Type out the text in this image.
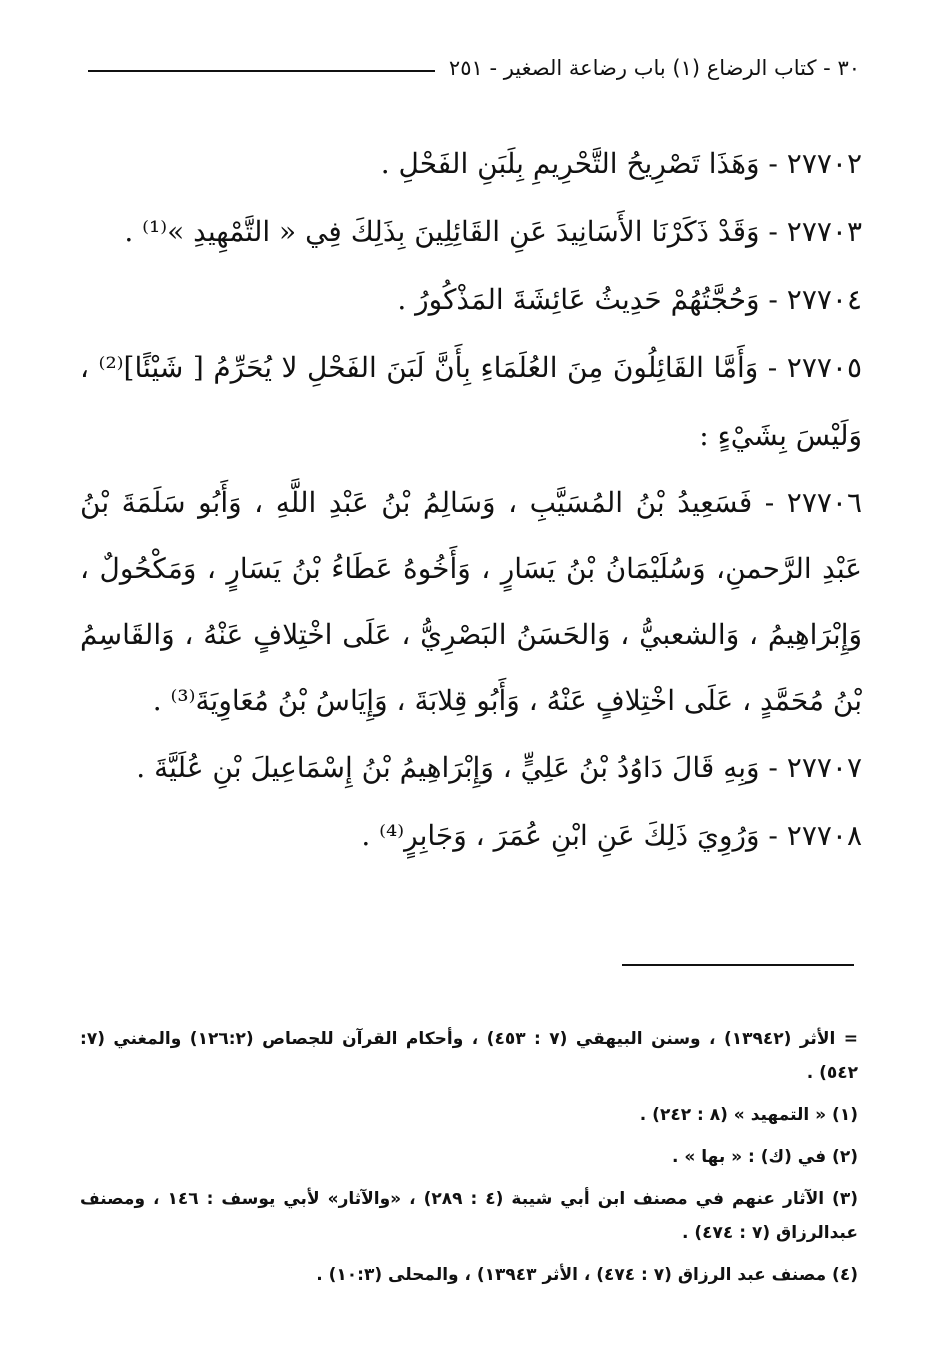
٣٠ - كتاب الرضاع (١) باب رضاعة الصغير - ٢٥١

٢٧٧٠٢ - وَهَذَا تَصْرِيحُ التَّحْرِيمِ بِلَبَنِ الفَحْلِ .

٢٧٧٠٣ - وَقَدْ ذَكَرْنَا الأَسَانِيدَ عَنِ القَائِلِينَ بِذَلِكَ فِي « التَّمْهِيدِ »⁽¹⁾ .

٢٧٧٠٤ - وَحُجَّتُهُمْ حَدِيثُ عَائِشَةَ المَذْكُورُ .

٢٧٧٠٥ - وَأَمَّا القَائِلُونَ مِنَ العُلَمَاءِ بِأَنَّ لَبَنَ الفَحْلِ لا يُحَرِّمُ [ شَيْئًا]⁽²⁾ ، وَلَيْسَ بِشَيْءٍ :

٢٧٧٠٦ - فَسَعِيدُ بْنُ المُسَيَّبِ ، وَسَالِمُ بْنُ عَبْدِ اللَّهِ ، وَأَبُو سَلَمَةَ بْنُ عَبْدِ الرَّحمنِ، وَسُلَيْمَانُ بْنُ يَسَارٍ ، وَأَخُوهُ عَطَاءُ بْنُ يَسَارٍ ، وَمَكْحُولٌ ، وَإِبْرَاهِيمُ ، وَالشعبيُّ ، وَالحَسَنُ البَصْرِيُّ ، عَلَى اخْتِلافٍ عَنْهُ ، وَالقَاسِمُ بْنُ مُحَمَّدٍ ، عَلَى اخْتِلافٍ عَنْهُ ، وَأَبُو قِلابَةَ ، وَإِيَاسُ بْنُ مُعَاوِيَةَ⁽³⁾ .

٢٧٧٠٧ - وَبِهِ قَالَ دَاوُدُ بْنُ عَلِيٍّ ، وَإِبْرَاهِيمُ بْنُ إِسْمَاعِيلَ بْنِ عُلَيَّةَ .

٢٧٧٠٨ - وَرُوِيَ ذَلِكَ عَنِ ابْنِ عُمَرَ ، وَجَابِرٍ⁽⁴⁾ .

= الأثر (١٣٩٤٢) ، وسنن البيهقي (٧ : ٤٥٣) ، وأحكام القرآن للجصاص (١٢٦:٢) والمغني (٧: ٥٤٢) .

(١) « التمهيد » (٨ : ٢٤٢) .

(٢) في (ك) : « بها » .

(٣) الآثار عنهم في مصنف ابن أبي شيبة (٤ : ٢٨٩) ، «والآثار» لأبي يوسف : ١٤٦ ، ومصنف عبدالرزاق (٧ : ٤٧٤) .

(٤) مصنف عبد الرزاق (٧ : ٤٧٤) ، الأثر ١٣٩٤٣) ، والمحلى (١٠:٣) .
